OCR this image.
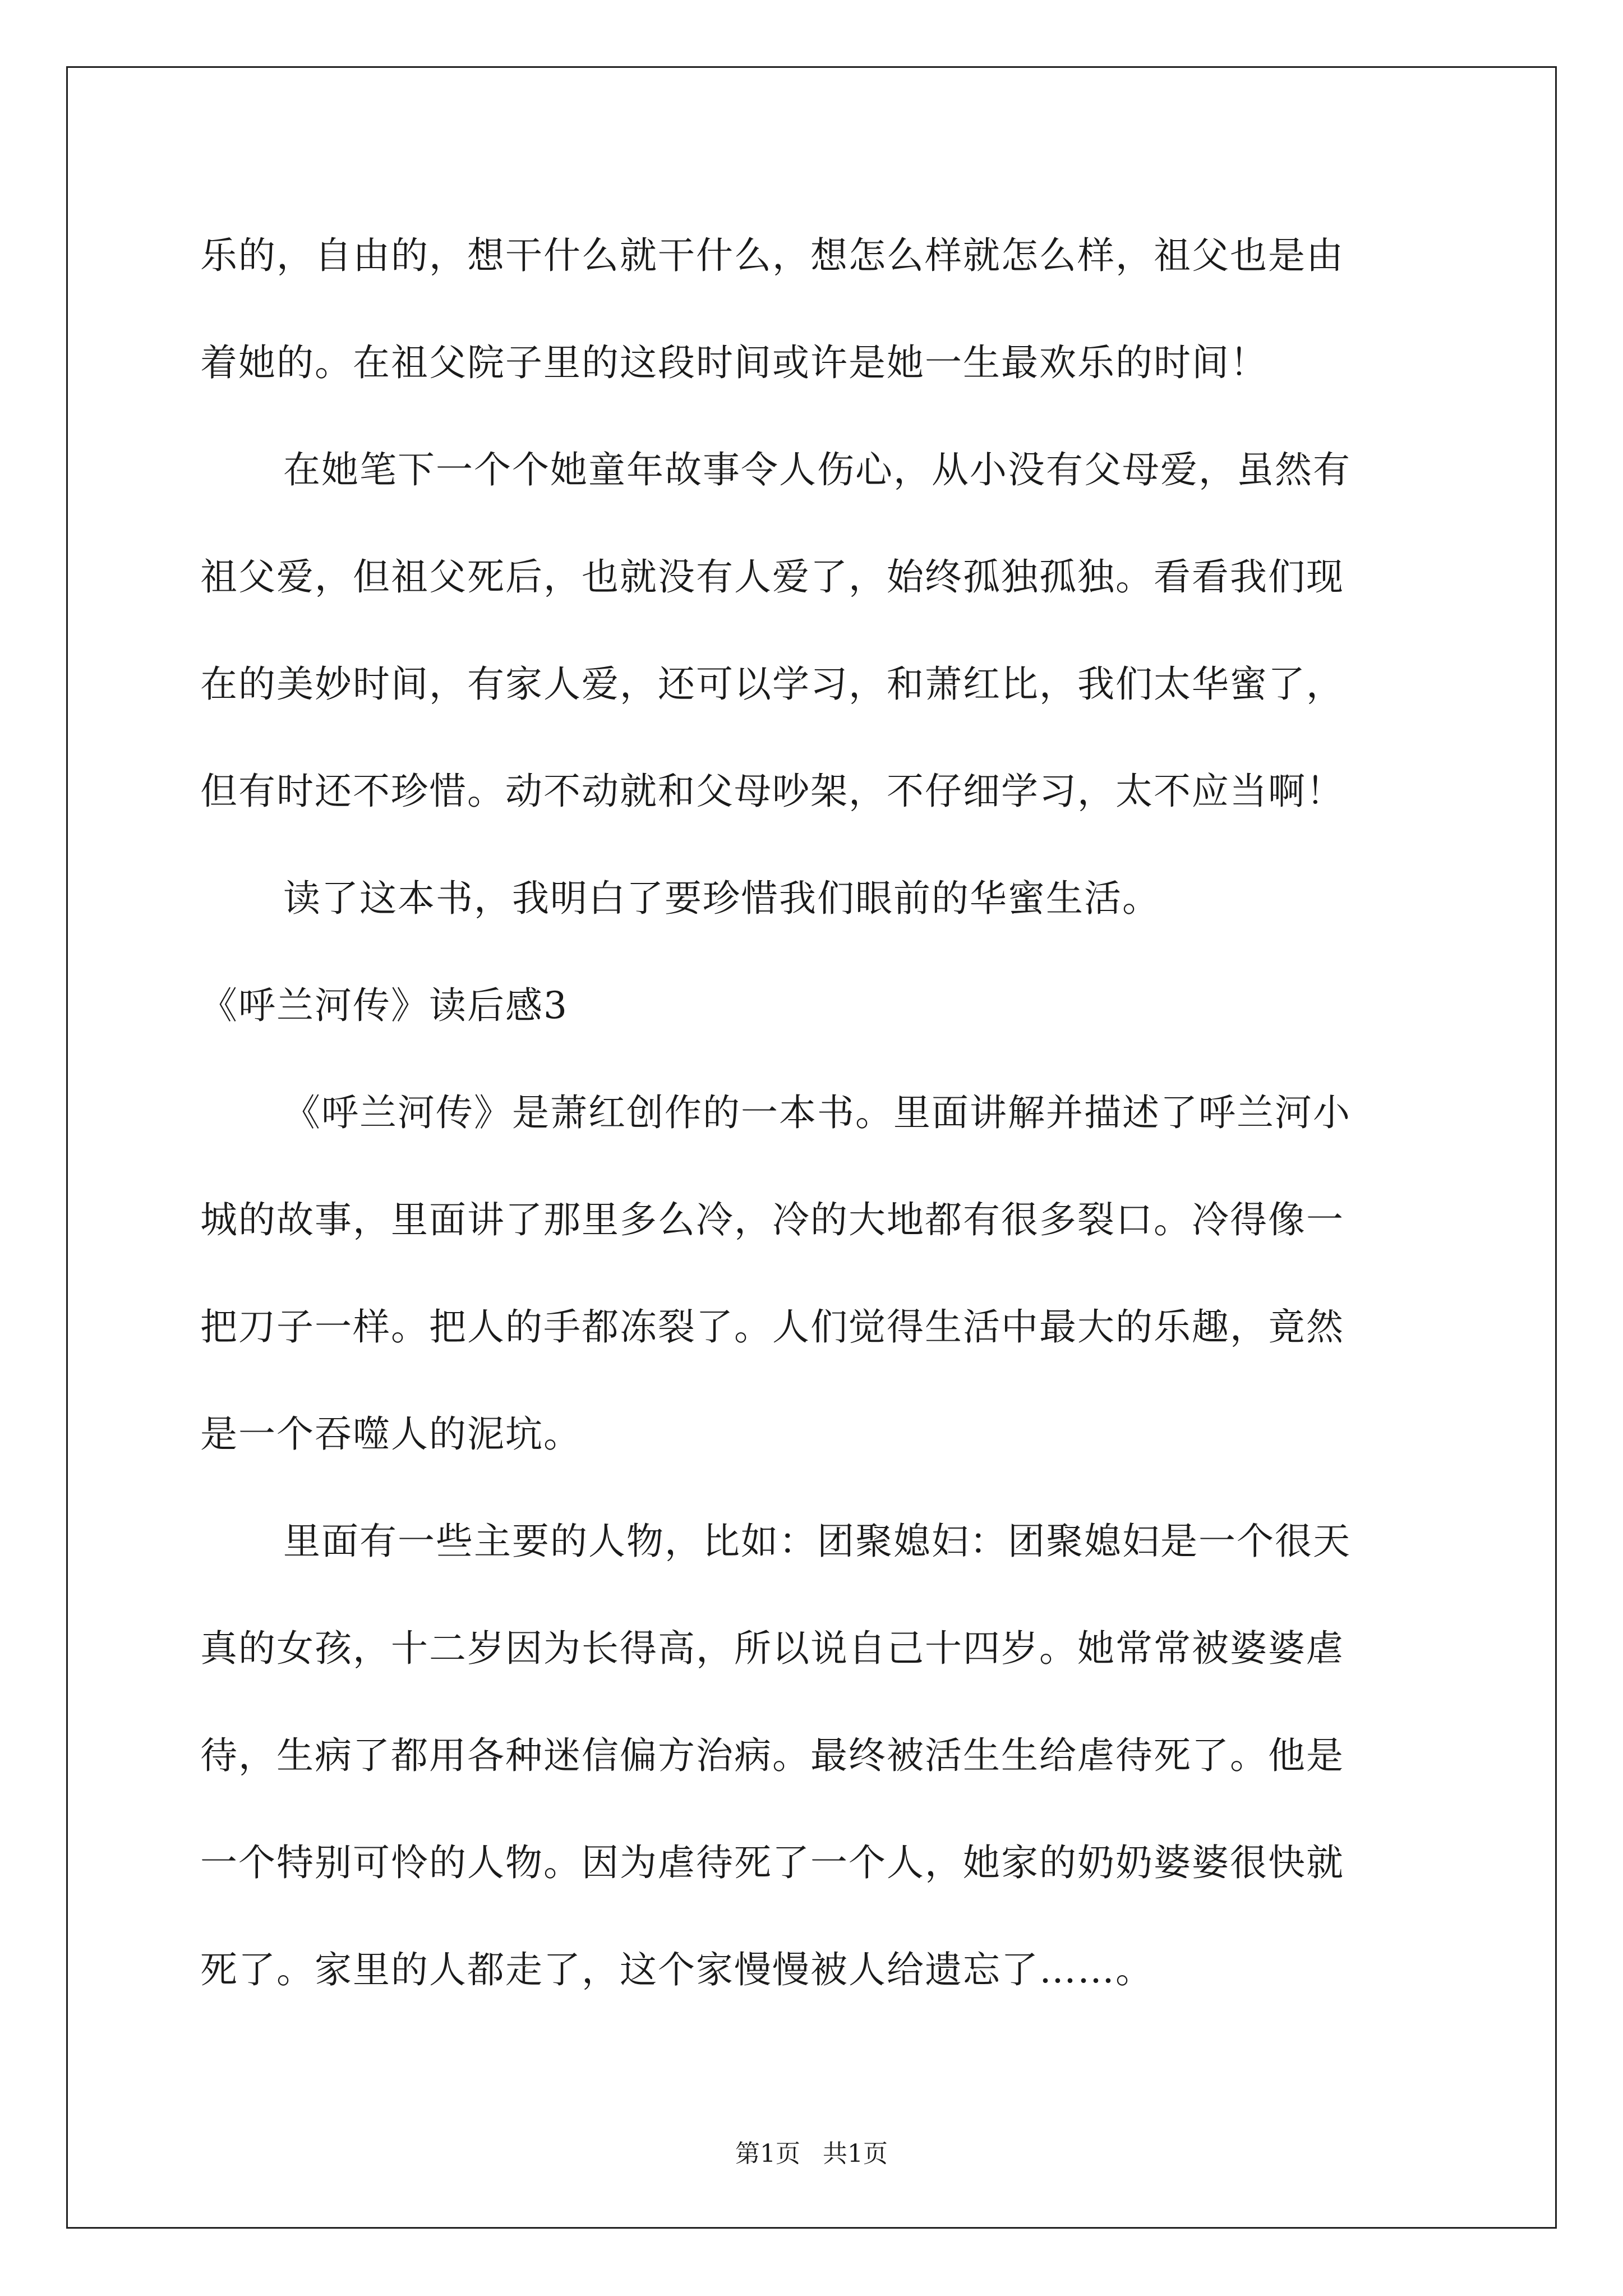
乐的，自由的，想干什么就干什么，想怎么样就怎么样，祖父也是由
着她的。在祖父院子里的这段时间或许是她一生最欢乐的时间！
在她笔下一个个她童年故事令人伤心，从小没有父母爱，虽然有
祖父爱，但祖父死后，也就没有人爱了，始终孤独孤独。看看我们现
在的美妙时间，有家人爱，还可以学习，和萧红比，我们太华蜜了，
但有时还不珍惜。动不动就和父母吵架，不仔细学习，太不应当啊！
读了这本书，我明白了要珍惜我们眼前的华蜜生活。
《呼兰河传》读后感3
《呼兰河传》是萧红创作的一本书。里面讲解并描述了呼兰河小
城的故事，里面讲了那里多么冷，冷的大地都有很多裂口。冷得像一
把刀子一样。把人的手都冻裂了。人们觉得生活中最大的乐趣，竟然
是一个吞噬人的泥坑。
里面有一些主要的人物，比如：团聚媳妇：团聚媳妇是一个很天
真的女孩，十二岁因为长得高，所以说自己十四岁。她常常被婆婆虐
待，生病了都用各种迷信偏方治病。最终被活生生给虐待死了。他是
一个特别可怜的人物。因为虐待死了一个人，她家的奶奶婆婆很快就
死了。家里的人都走了，这个家慢慢被人给遗忘了……。
第1页 共1页
